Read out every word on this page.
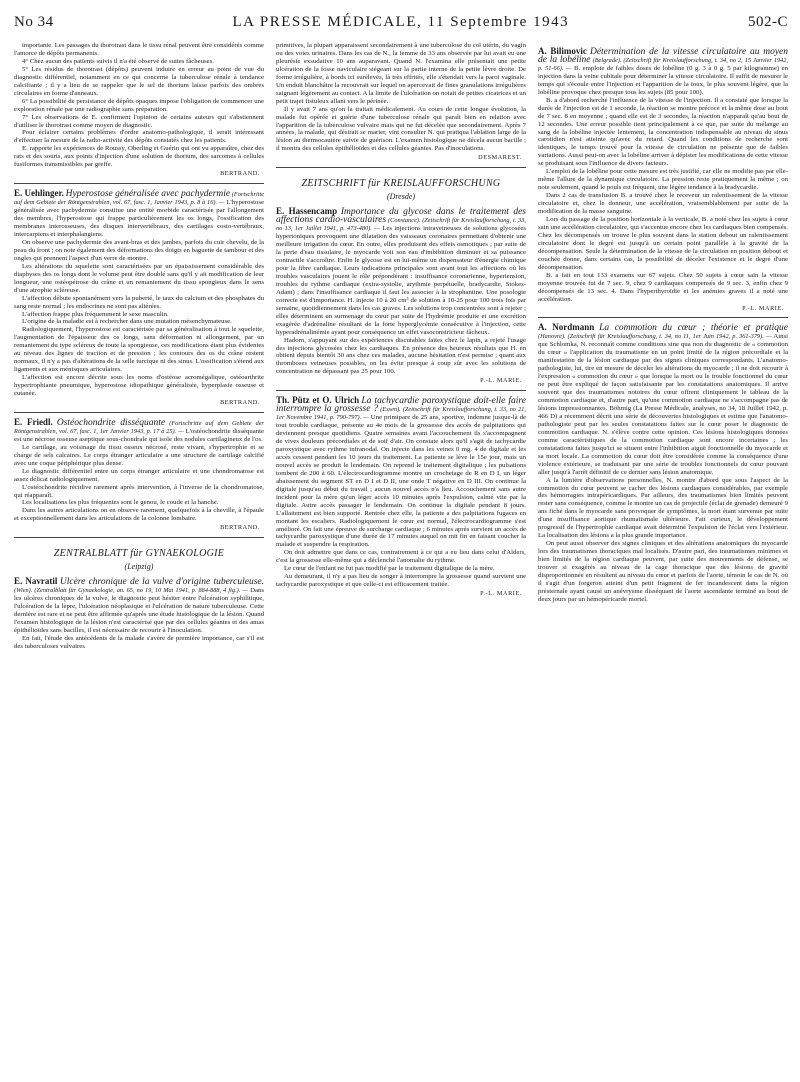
No 34	LA PRESSE MÉDICALE, 11 Septembre 1943	502-C

importante. Les passages du thorotrast dans le tissu rénal peuvent être considérés comme l'amorce de dépôts permanents.

4° Chez aucun des patients suivis il n'a été observé de suites fâcheuses.

5° Les résidus de thorotrast (dépôts) peuvent induire en erreur au point de vue du diagnostic différentiel, notamment en ce qui concerne la tuberculose rénale à tendance calcifiante ; il y a lieu de se rappeler que le sel de thorium laisse parfois des ombres circulaires en forme d'anneaux.

6° La possibilité de persistance de dépôts opaques impose l'obligation de commencer une exploration rénale par une radiographie sans préparation.

7° Les observations de E. confirment l'opinion de certains auteurs qui s'abstiennent d'utiliser le thorotrast comme moyen de diagnostic.

Pour éclairer certains problèmes d'ordre anatomo-pathologique, il serait intéressant d'effectuer la mesure de la radio-activité des dépôts constatés chez les patients.

E. rapporte les expériences de Roussy, Oberling et Guérin qui ont vu apparaître, chez des rats et des souris, aux points d'injection d'une solution de thorium, des sarcomes à cellules fusiformes transmissibles par greffe.

BERTRAND.

E. Uehlinger. Hyperostose généralisée avec pachydermie (Fortschritte auf dem Gebiete der Röntgenstrahlen, vol. 67, fasc. 1, Janvier 1943, p. 8 à 16). — L'hyperostose généralisée avec pachydermie constitue une entité morbide caractérisée par l'allongement des membres, l'hyperostose qui frappe particulièrement les os longs, l'ossification des membranes interosseuses, des disques intervertébraux, des cartilages costo-vertébraux, intercarpiens et interphalangiens.

On observe une pachydermie des avant-bras et des jambes, parfois du cuir chevelu, de la peau du front ; on note également des déformations des doigts en baguette de tambour et des ongles qui prennent l'aspect d'un verre de montre.

Les altérations du squelette sont caractérisées par un épaississement considérable des diaphyses des os longs dont le volume peut être doublé sans qu'il y ait modification de leur longueur, une ostéopétrose du crâne et un remaniement du tissu spongieux dans le sens d'une atrophie scléreuse.

L'affection débute spontanément vers la puberté, le taux du calcium et des phosphates du sang reste normal ; les endocrines ne sont pas altérées.

L'affection frappe plus fréquemment le sexe masculin.

L'origine de la maladie est à rechercher dans une mutation mésenchymateuse.

Radiologiquement, l'hyperostose est caractérisée par sa généralisation à tout le squelette, l'augmentation de l'épaisseur des os longs, sans déformation ni allongement, par un remaniement du type scléreux de toute la spongieuse, ces modifications étant plus évidentes au niveau des lignes de traction et de pression ; les contours des os du crâne restent normaux, il n'y a pas d'altérations de la selle turcique ni des sinus. L'ossification s'étend aux ligaments et aux ménisques articulaires.

L'affection est encore décrite sous les noms d'ostéose acromégalique, ostéoarthrite hypertrophiante pneumique, hyperostose idiopathique généralisée, hyperplasie osseuse et cutanée.

BERTRAND.

E. Friedl. Ostéochondrite disséquante (Fortschritte auf dem Gebiete der Röntgenstrahlen, vol. 67, fasc. 1, 1er Janvier 1943, p. 17 à 25). — L'ostéochondrite disséquante est une nécrose osseuse aseptique sous-chondrale qui isole des nodules cartilagineux de l'os.

Le cartilage, au voisinage du tissu osseux nécrosé, reste vivant, s'hypertrophie et se charge de sels calcaires. Le corps étranger articulaire a une structure de cartilage calcifié avec une coque périphérique plus dense.

Le diagnostic différentiel entre un corps étranger articulaire et une chondromatose est assez délicat radiologiquement.

L'ostéochondrite récidive rarement après intervention, à l'inverse de la chondromatose, qui réapparaît.

Les localisations les plus fréquentes sont le genou, le coude et la hanche.

Dans les autres articulations on en observe rarement, quelquefois à la cheville, à l'épaule et exceptionnellement dans les articulations de la colonne lombaire.

BERTRAND.
ZENTRALBLATT für GYNAEKOLOGIE
(Leipzig)

E. Navratil Ulcère chronique de la vulve d'origine tuberculeuse. (Wien). (Zentralblatt für Gynaekologie, an. 65, no 19, 10 Mai 1941, p. 884-888, 4 fig.). — Dans les ulcères chroniques de la vulve, le diagnostic peut hésiter entre l'ulcération syphilitique, l'ulcération de la lèpre, l'ulcération néoplasique et l'ulcération de nature tuberculeuse. Cette dernière est rare et ne peut être affirmée qu'après une étude histologique de la lésion. Quand l'examen histologique de la lésion n'est caractérisé que par des cellules géantes et des amas épithélioïdes sans bacilles, il est nécessaire de recourir à l'inoculation.

En fait, l'étude des antécédents de la malade s'avère de première importance, car s'il est des tuberculoses vulvaires

primitives, la plupart apparaissent secondairement à une tuberculose du col utérin, du vagin ou des voies urinaires. Dans les cas de N., la femme de 33 ans observée par lui avait eu une pleurésie exsudative 10 ans auparavant. Quand N. l'examina elle présentait une petite ulcération de la fosse naviculaire siégeant sur la partie interne de la petite lèvre droite. De forme irrégulière, à bords ici surélevés, là très effrités, elle s'étendait vers la paroi vaginale. Un enduit blanchâtre la recouvrait sur lequel on apercevait de fines granulations irrégulières saignant légèrement au contact. A la limite de l'ulcération on notait de petites cicatrices et un petit trajet fistuleux allant vers le périnée.

Il y avait 7 ans qu'on la traitait médicalement. Au cours de cette longue évolution, la malade fut opérée et guérie d'une tuberculose rénale qui paraît bien en relation avec l'apparition de la tuberculose vulvaire mais qui ne fut décelée que secondairement. Après 7 années, la malade, qui désirait se marier, vint consulter N. qui pratiqua l'ablation large de la lésion au thermocautère suivie de guérison. L'examen histologique ne décela aucun bacille ; il montra des cellules épithélioïdes et des cellules géantes. Pas d'inoculations.

DESMAREST.
ZEITSCHRIFT für KREISLAUFFORSCHUNG
(Dresde)

E. Hassencamp Importance du glycose dans le traitement des affections cardio-vasculaires (Constance). (Zeitschrift für Kreislaufforschung, t. 33, no 13, 1er Juillet 1941, p. 473-480). — Les injections intraveineuses de solutions glycosées hypertoniques provoquent une dilatation des vaisseaux coronaires permettant d'obtenir une meilleure irrigation du cœur. En outre, elles produisent des effets osmotiques ; par suite de la perte d'eau tissulaire, le myocarde voit son eau d'imbibition diminuer et sa puissance contractile s'accroître. Enfin le glycose est en lui-même un dispensateur d'énergie chimique pour la fibre cardiaque. Leurs indications principales sont avant tout les affections où les troubles vasculaires jouent le rôle prépondérant : insuffisance coronarienne, hypertension, troubles du rythme cardiaque (extra-systolie, arythmie perpétuelle, bradycardie, Stokes-Adam) ; dans l'insuffisance cardiaque il faut les associer à la strophantine. Une posologie correcte est d'importance. H. injecte 10 à 20 cm³ de solution à 10-25 pour 100 trois fois par semaine, quotidiennement dans les cas graves. Les solutions trop concentrées sont à rejeter ; elles déterminent un surmenage du cœur par suite de l'hydrémie produite et une excrétion exagérée d'adrénaline résultant de la forte hyperglycémie consécutive à l'injection, cette hyperadrénalinémie ayant pour conséquence un effet vasoconstricteur fâcheux.

Hadorn, s'appuyant sur des expériences discutables faites chez le lapin, a rejeté l'usage des injections glycosées chez les cardiaques. En présence des heureux résultats que H. en obtient depuis bientôt 30 ans chez ces malades, aucune hésitation n'est permise ; quant aux thromboses veineuses possibles, on les évite presque à coup sûr avec les solutions de concentration ne dépassant pas 25 pour 100.

P.-L. MARIE.

Th. Pütz et O. Ulrich La tachycardie paroxystique doit-elle faire interrompre la grossesse ? (Essen). (Zeitschrift für Kreislaufforschung, t. 33, no 21, 1er Novembre 1941, p. 790-797). — Une primipare de 25 ans, sportive, indemne jusque-là de tout trouble cardiaque, présente au 4e mois de la grossesse des accès de palpitations qui deviennent presque quotidiens. Quatre semaines avant l'accouchement ils s'accompagnent de vives douleurs précordiales et de soif d'air. On constate alors qu'il s'agit de tachycardie paroxystique avec rythme infranodal. On injecte dans les veines 0 mg. 4 de digitale et les accès cessent pendant les 10 jours du traitement. La patiente se lève le 15e jour, mais un nouvel accès se produit le lendemain. On reprend le traitement digitalique ; les pulsations tombent de 200 à 60. L'électrocardiogramme montre un crochetage de R en D I, un léger abaissement du segment ST en D I et D II, une onde T négative en D III. On continue la digitale jusqu'au début du travail ; aucun nouvel accès n'a lieu. Accouchement sans autre incident pour la mère qu'un léger accès 10 minutes après l'expulsion, calmé vite par la digitale. Autre accès passager le lendemain. On continue la digitale pendant 8 jours. L'allaitement est bien supporté. Rentrée chez elle, la patiente a des palpitations fugaces en montant les escaliers. Radiologiquement le cœur est normal, l'électrocardiogramme s'est amélioré. On fait une épreuve de surcharge cardiaque ; 6 minutes après survient un accès de tachycardie paroxystique d'une durée de 17 minutes auquel on mit fin en faisant coucher la malade et suspendre la respiration.

On doit admettre que dans ce cas, contrairement à ce qui a eu lieu dans celui d'Alders, c'est la grossesse elle-même qui a déclenché l'anomalie du rythme.

Le cœur de l'enfant ne fut pas modifié par le traitement digitalique de la mère.

Au demeurant, il n'y a pas lieu de songer à interrompre la grossesse quand survient une tachycardie paroxystique et que celle-ci est efficacement traitée.

P.-L. MARIE.

A. Bilimovic Détermination de la vitesse circulatoire au moyen de la lobéline (Belgrade). (Zeitschrift für Kreislaufforschung, t. 34, no 2, 15 Janvier 1942, p. 51-66). — B. emploie de faibles doses de lobéline (0 g. 3 à 0 g. 5 par kilogramme) en injection dans la veine cubitale pour déterminer la vitesse circulatoire. Il suffit de mesurer le temps qui s'écoule entre l'injection et l'apparition de la toux, le plus souvent légère, que la lobéline provoque chez presque tous les sujets (85 pour 100).

B. a d'abord recherché l'influence de la vitesse de l'injection. Il a constaté que lorsque la durée de l'injection est de 1 seconde, la réaction se montre précoce et la même dose au bout de 7 sec. 8 en moyenne ; quand elle est de 3 secondes, la réaction n'apparaît qu'au bout de 12 secondes. Une erreur possible tient principalement à ce que, par suite du mélange au sang de la lobéline injectée lentement, la concentration indispensable au niveau du sinus carotidien n'est atteinte qu'avec du retard. Quand les conditions de recherche sont identiques, le temps trouvé pour la vitesse de circulation ne présente que de faibles variations. Aussi peut-on avec la lobéline arriver à dépister les modifications de cette vitesse se produisant sous l'influence de divers facteurs.

L'emploi de la lobéline pour cette mesure est très justifié, car elle ne modifie pas par elle-même l'allure de la dynamique circulatoire. La pression reste pratiquement la même ; on note seulement, quand le pouls est fréquent, une légère tendance à la bradycardie.

Dans 2 cas de transfusion B. a trouvé chez le receveur un ralentissement de la vitesse circulatoire et, chez le donneur, une accélération, vraisemblablement par suite de la modification de la masse sanguine.

Lors du passage de la position horizontale à la verticale, B. a noté chez les sujets à cœur sain une accélération circulatoire, qui s'accentue encore chez les cardiaques bien compensés. Chez les décompensés on trouve le plus souvent dans la station debout un ralentissement circulatoire dont le degré est jusqu'à un certain point parallèle à la gravité de la décompensation. Seule la détermination de la vitesse de la circulation en position debout et couchée donne, dans certains cas, la possibilité de déceler l'existence et le degré d'une décompensation.

B. a fait en tout 133 examens sur 67 sujets. Chez 50 sujets à cœur sain la vitesse moyenne trouvée fut de 7 sec. 9, chez 9 cardiaques compensés de 9 sec. 3, enfin chez 9 décompensés de 13 sec. 4. Dans l'hyperthyroïdie et les anémies graves il a noté une accélération.

P.-L. MARIE.

A. Nordmann La commotion du cœur ; théorie et pratique (Hanovre). (Zeitschrift für Kreislaufforschung, t. 34, no 11, 1er Juin 1942, p. 361-379). — Ainsi que Schlomka, N. reconnaît comme conditions sine qua non du diagnostic de « commotion du cœur » l'application du traumatisme en un point limité de la région précordiale et la manifestation de la lésion cardiaque par des signes cliniques correspondants. L'anatomo-pathologiste, lui, tire en mesure de déceler les altérations du myocarde ; il ne doit recourir à l'expression « commotion du cœur » que lorsque la mort ou le trouble fonctionnel du cœur ne peut être expliqué de façon satisfaisante par les constatations anatomiques. Il arrive souvent que des traumatismes notoires du cœur offrent cliniquement le tableau de la commotion cardiaque et, d'autre part, qu'une commotion cardiaque ne s'accompagne pas de lésions impressionnantes. Böhmig (La Presse Médicale, analyses, no 34, 18 Juillet 1942, p. 466 D) a récemment décrit une série de découvertes histologiques et estime que l'anatomo-pathologiste peut par les seules constatations faites sur le cœur poser le diagnostic de commotion cardiaque. N. s'élève contre cette opinion. Ces lésions histologiques données comme caractéristiques de la commotion cardiaque sont encore incertaines ; les constatations faites jusqu'ici se situent entre l'inhibition aiguë fonctionnelle du myocarde et sa mort locale. La commotion du cœur doit être considérée comme la conséquence d'une violence extérieure, se traduisant par une série de troubles fonctionnels du cœur pouvant aller jusqu'à l'arrêt définitif de ce dernier sans lésion anatomique.

A la lumière d'observations personnelles, N. montre d'abord que sous l'aspect de la commotion du cœur peuvent se cacher des lésions cardiaques considérables, par exemple des hémorragies intrapéricardiques. Par ailleurs, des traumatismes bien limités peuvent rester sans conséquence, comme le montre un cas de projectile (éclat de grenade) demeuré 9 ans fiché dans le myocarde sans provoquer de symptômes, la mort étant survenue par suite d'une insuffisance aortique rhumatismale ultérieure. Fait curieux, le développement progressif de l'hypertrophie cardiaque avait déterminé l'expulsion de l'éclat vers l'extérieur. La localisation des lésions a la plus grande importance.

On peut aussi observer des signes cliniques et des altérations anatomiques du myocarde lors des traumatismes thoraciques mal localisés. D'autre part, des traumatismes minimes et bien limités de la région cardiaque peuvent, par suite des mouvements de défense, se trouver si exagérés au niveau de la cage thoracique que des lésions de gravité disproportionnée en résultent au niveau du cœur et parfois de l'aorte, témoin le cas de N. où il s'agit d'un forgeron atteint d'un petit fragment de fer incandescent dans la région présternale ayant causé un anévrysme disséquant de l'aorte ascendante terminé au bout de deux jours par un hémopéricarde mortel.
